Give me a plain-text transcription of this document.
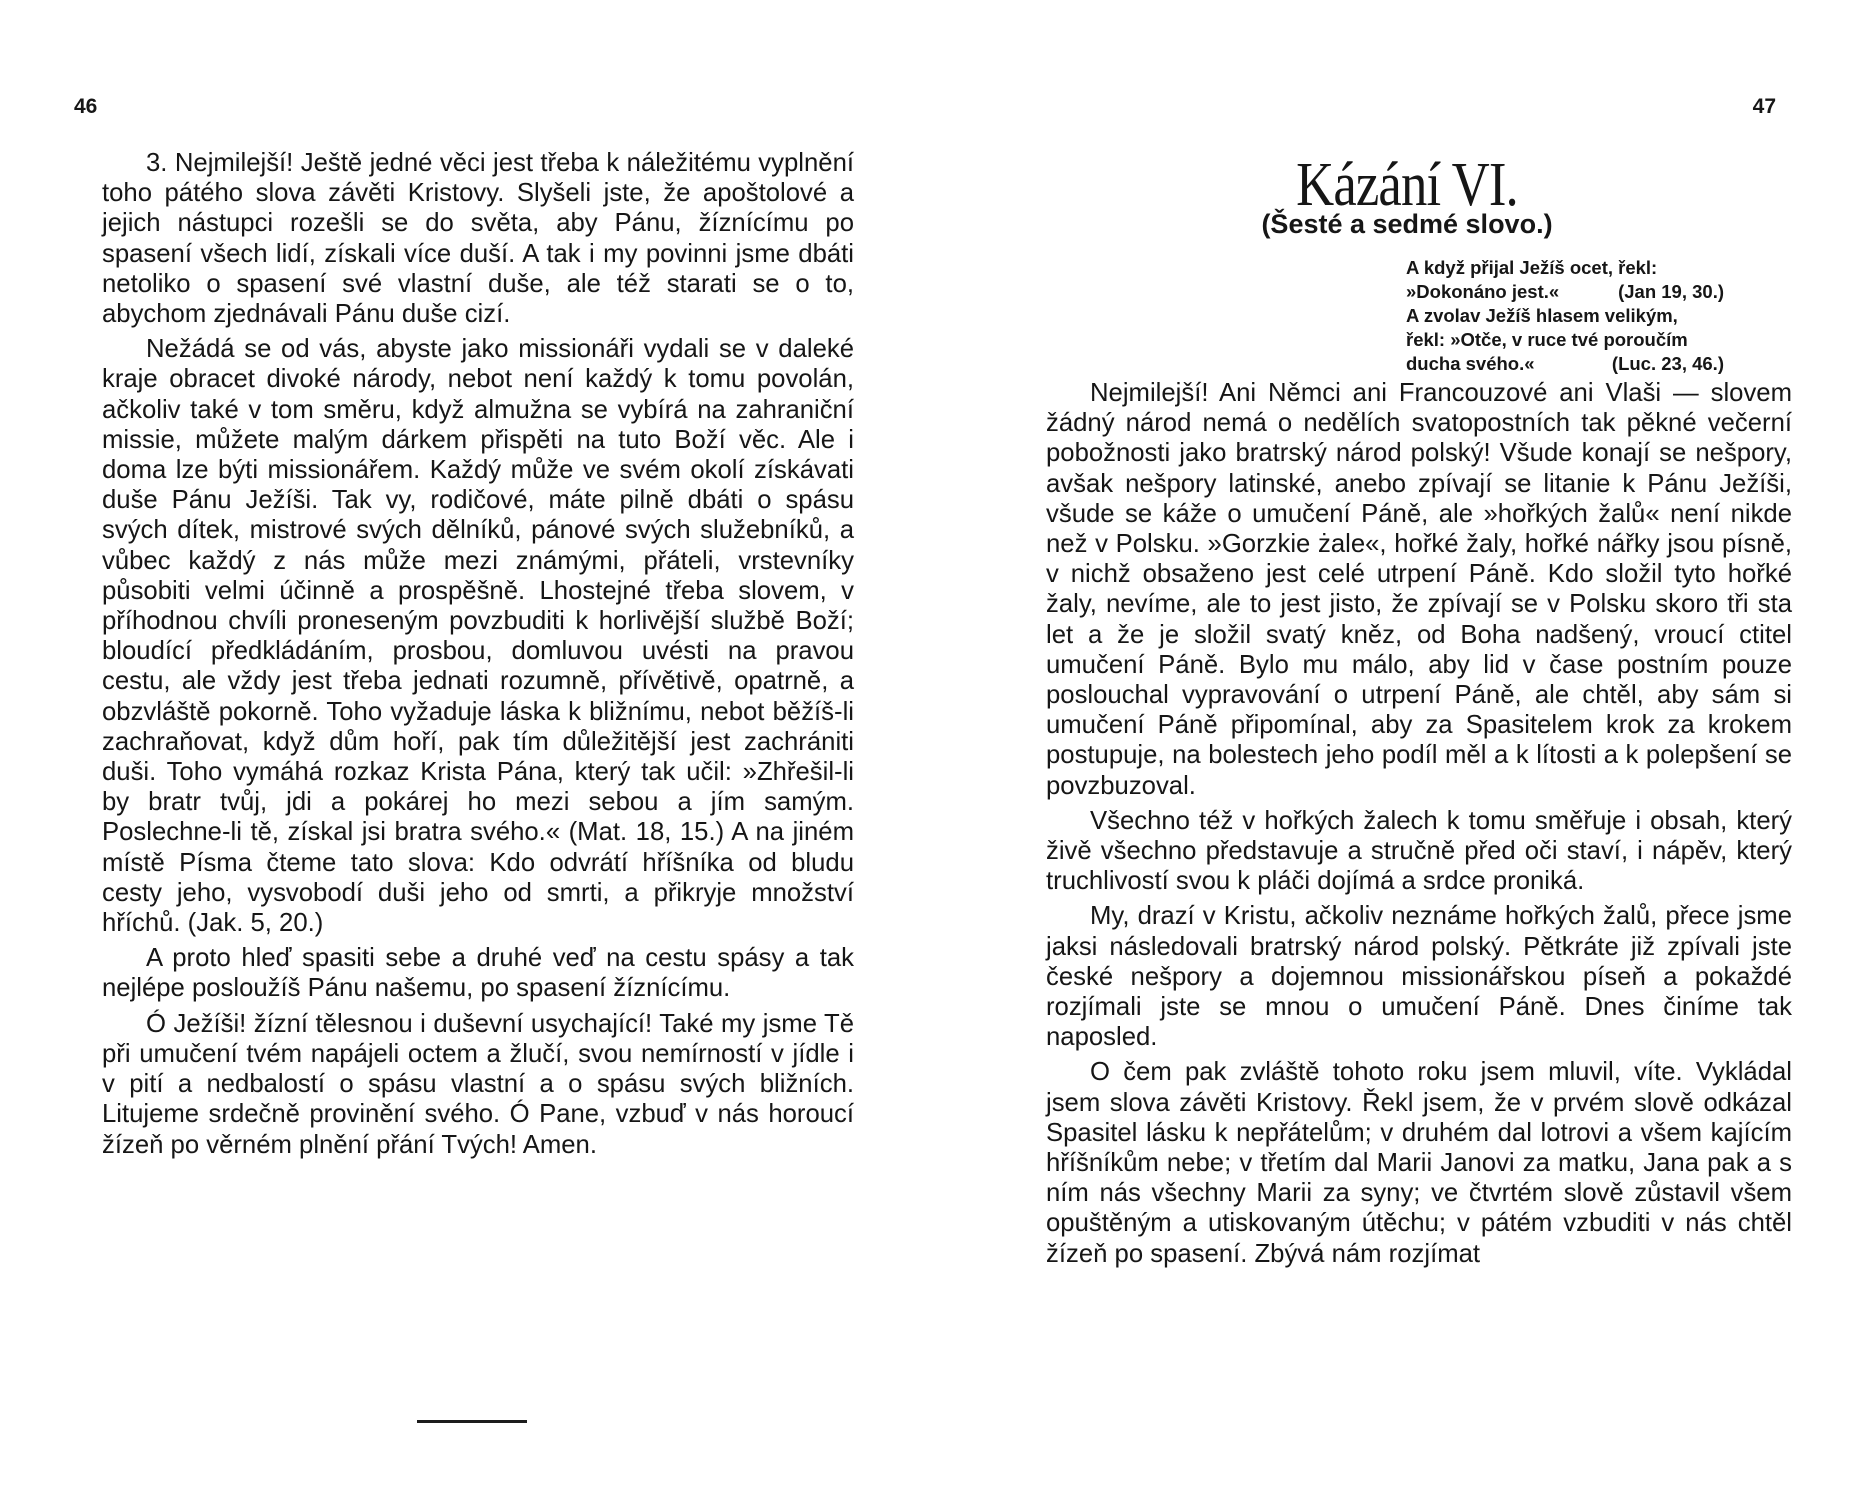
46

3. Nejmilejší! Ještě jedné věci jest třeba k náležitému vyplnění toho pátého slova závěti Kristovy. Slyšeli jste, že apoštolové a jejich nástupci rozešli se do světa, aby Pánu, žíznícímu po spasení všech lidí, získali více duší. A tak i my povinni jsme dbáti netoliko o spasení své vlastní duše, ale též starati se o to, abychom zjednávali Pánu duše cizí.

Nežádá se od vás, abyste jako missionáři vydali se v daleké kraje obracet divoké národy, nebot není každý k tomu povolán, ačkoliv také v tom směru, když almužna se vybírá na zahraniční missie, můžete malým dárkem přispěti na tuto Boží věc. Ale i doma lze býti missionářem. Každý může ve svém okolí získávati duše Pánu Ježíši. Tak vy, rodičové, máte pilně dbáti o spásu svých dítek, mistrové svých dělníků, pánové svých služebníků, a vůbec každý z nás může mezi známými, přáteli, vrstevníky působiti velmi účinně a prospěšně. Lhostejné třeba slovem, v příhodnou chvíli proneseným povzbuditi k horlivější službě Boží; bloudící předkládáním, prosbou, domluvou uvésti na pravou cestu, ale vždy jest třeba jednati rozumně, přívětivě, opatrně, a obzvláště pokorně. Toho vyžaduje láska k bližnímu, nebot běžíš-li zachraňovat, když dům hoří, pak tím důležitější jest zachrániti duši. Toho vymáhá rozkaz Krista Pána, který tak učil: »Zhřešil-li by bratr tvůj, jdi a pokárej ho mezi sebou a jím samým. Poslechne-li tě, získal jsi bratra svého.« (Mat. 18, 15.) A na jiném místě Písma čteme tato slova: Kdo odvrátí hříšníka od bludu cesty jeho, vysvobodí duši jeho od smrti, a přikryje množství hříchů. (Jak. 5, 20.)

A proto hleď spasiti sebe a druhé veď na cestu spásy a tak nejlépe posloužíš Pánu našemu, po spasení žíznícímu.

Ó Ježíši! žízní tělesnou i duševní usychající! Také my jsme Tě při umučení tvém napájeli octem a žlučí, svou nemírností v jídle i v pití a nedbalostí o spásu vlastní a o spásu svých bližních. Litujeme srdečně provinění svého. Ó Pane, vzbuď v nás horoucí žízeň po věrném plnění přání Tvých! Amen.

47
Kázání VI.
(Šesté a sedmé slovo.)
A když přijal Ježíš ocet, řekl:
»Dokonáno jest.«	(Jan 19, 30.)
A zvolav Ježíš hlasem velikým,
řekl: »Otče, v ruce tvé poroučím
ducha svého.«	(Luc. 23, 46.)

Nejmilejší! Ani Němci ani Francouzové ani Vlaši — slovem žádný národ nemá o nedělích svatopostních tak pěkné večerní pobožnosti jako bratrský národ polský! Všude konají se nešpory, avšak nešpory latinské, anebo zpívají se litanie k Pánu Ježíši, všude se káže o umučení Páně, ale »hořkých žalů« není nikde než v Polsku. »Gorzkie żale«, hořké žaly, hořké nářky jsou písně, v nichž obsaženo jest celé utrpení Páně. Kdo složil tyto hořké žaly, nevíme, ale to jest jisto, že zpívají se v Polsku skoro tři sta let a že je složil svatý kněz, od Boha nadšený, vroucí ctitel umučení Páně. Bylo mu málo, aby lid v čase postním pouze poslouchal vypravování o utrpení Páně, ale chtěl, aby sám si umučení Páně připomínal, aby za Spasitelem krok za krokem postupuje, na bolestech jeho podíl měl a k lítosti a k polepšení se povzbuzoval.

Všechno též v hořkých žalech k tomu směřuje i obsah, který živě všechno představuje a stručně před oči staví, i nápěv, který truchlivostí svou k pláči dojímá a srdce proniká.

My, drazí v Kristu, ačkoliv neznáme hořkých žalů, přece jsme jaksi následovali bratrský národ polský. Pětkráte již zpívali jste české nešpory a dojemnou missionářskou píseň a pokaždé rozjímali jste se mnou o umučení Páně. Dnes činíme tak naposled.

O čem pak zvláště tohoto roku jsem mluvil, víte. Vykládal jsem slova závěti Kristovy. Řekl jsem, že v prvém slově odkázal Spasitel lásku k nepřátelům; v druhém dal lotrovi a všem kajícím hříšníkům nebe; v třetím dal Marii Janovi za matku, Jana pak a s ním nás všechny Marii za syny; ve čtvrtém slově zůstavil všem opuštěným a utiskovaným útěchu; v pátém vzbuditi v nás chtěl žízeň po spasení. Zbývá nám rozjímat
